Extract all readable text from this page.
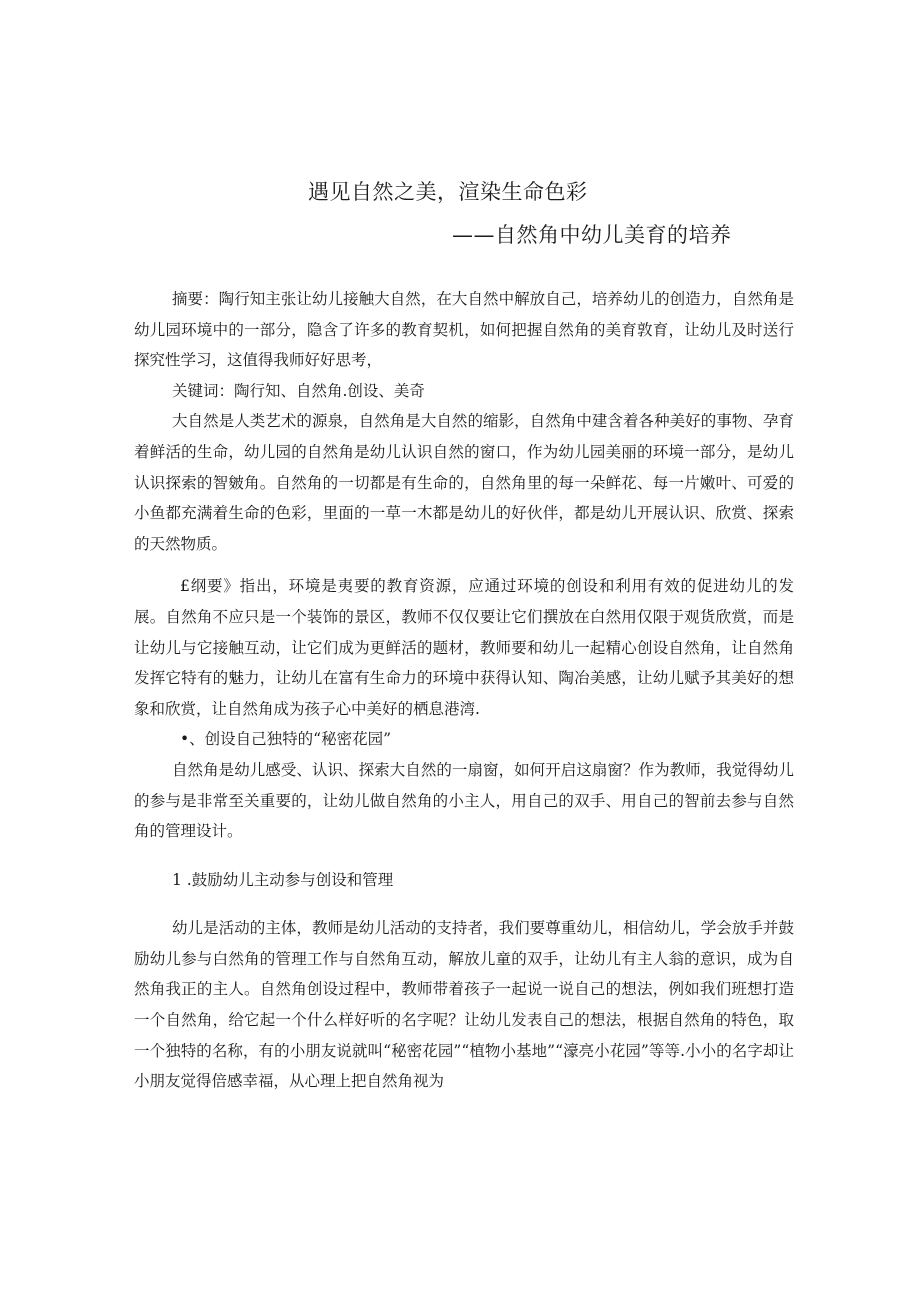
遇见自然之美，渲染生命色彩
——自然角中幼儿美育的培养

摘要：陶行知主张让幼儿接触大自然，在大自然中解放自己，培养幼儿的创造力，自然角是幼儿园环境中的一部分，隐含了许多的教育契机，如何把握自然角的美育敦育，让幼儿及时送行探究性学习，这值得我师好好思考，

关键词：陶行知、自然角.创设、美奇

大自然是人类艺术的源泉，自然角是大自然的缩影，自然角中建含着各种美好的事物、孕育着鲜活的生命，幼儿园的自然角是幼儿认识自然的窗口，作为幼儿园美丽的环境一部分，是幼儿认识探索的智皴角。自然角的一切都是有生命的，自然角里的每一朵鲜花、每一片嫩叶、可爱的小鱼都充满着生命的色彩，里面的一草一木都是幼儿的好伙伴，都是幼儿开展认识、欣赏、探索的天然物质。

£纲要》指出，环境是夷要的教育资源，应通过环境的创设和利用有效的促进幼儿的发展。自然角不应只是一个装饰的景区，教师不仅仅要让它们撰放在白然用仅限于观货欣赏，而是让幼儿与它接触互动，让它们成为更鲜活的题材，教师要和幼儿一起精心创设自然角，让自然角发挥它特有的魅力，让幼儿在富有生命力的环境中获得认知、陶冶美感，让幼儿赋予其美好的想象和欣赏，让自然角成为孩子心中美好的栖息港湾.

•、创设自己独特的“秘密花园”

自然角是幼儿感受、认识、探索大自然的一扇窗，如何开启这扇窗？作为教师，我觉得幼儿的参与是非常至关重要的，让幼儿做自然角的小主人，用自己的双手、用自己的智前去参与自然角的管理设计。

1 .鼓励幼儿主动参与创设和管理

幼儿是活动的主体，教师是幼儿活动的支持者，我们要尊重幼儿，相信幼儿，学会放手并鼓励幼儿参与白然角的管理工作与自然角互动，解放儿童的双手，让幼儿有主人翁的意识，成为自然角我正的主人。自然角创设过程中，教师带着孩子一起说一说自己的想法，例如我们班想打造一个自然角，给它起一个什么样好听的名字呢？让幼儿发表自己的想法，根据自然角的特色，取一个独特的名称，有的小朋友说就叫“秘密花园”“植物小基地”“濠亮小花园”等等.小小的名字却让小朋友觉得倍感幸福，从心理上把自然角视为
